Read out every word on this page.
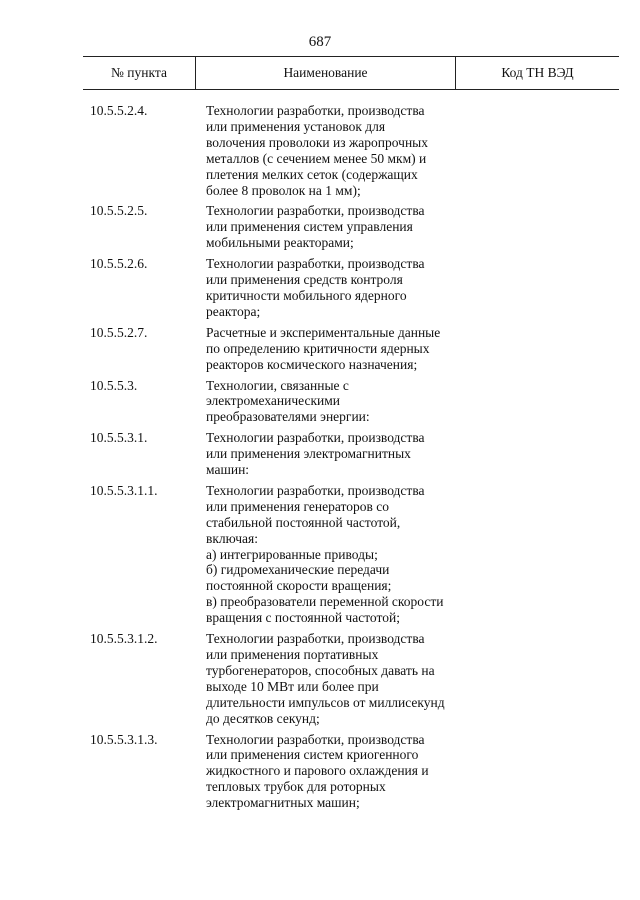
687
№ пункта	Наименование	Код ТН ВЭД
10.5.5.2.4.	Технологии разработки, производства
или применения установок для
волочения проволоки из жаропрочных
металлов (с сечением менее 50 мкм) и
плетения мелких сеток (содержащих
более 8 проволок на 1 мм);
10.5.5.2.5.	Технологии разработки, производства
или применения систем управления
мобильными реакторами;
10.5.5.2.6.	Технологии разработки, производства
или применения средств контроля
критичности мобильного ядерного
реактора;
10.5.5.2.7.	Расчетные и экспериментальные данные
по определению критичности ядерных
реакторов космического назначения;
10.5.5.3.	Технологии, связанные с
электромеханическими
преобразователями энергии:
10.5.5.3.1.	Технологии разработки, производства
или применения электромагнитных
машин:
10.5.5.3.1.1.	Технологии разработки, производства
или применения генераторов со
стабильной постоянной частотой,
включая:
а) интегрированные приводы;
б) гидромеханические передачи
постоянной скорости вращения;
в) преобразователи переменной скорости
вращения с постоянной частотой;
10.5.5.3.1.2.	Технологии разработки, производства
или применения портативных
турбогенераторов, способных давать на
выходе 10 МВт или более при
длительности импульсов от миллисекунд
до десятков секунд;
10.5.5.3.1.3.	Технологии разработки, производства
или применения систем криогенного
жидкостного и парового охлаждения и
тепловых трубок для роторных
электромагнитных машин;
